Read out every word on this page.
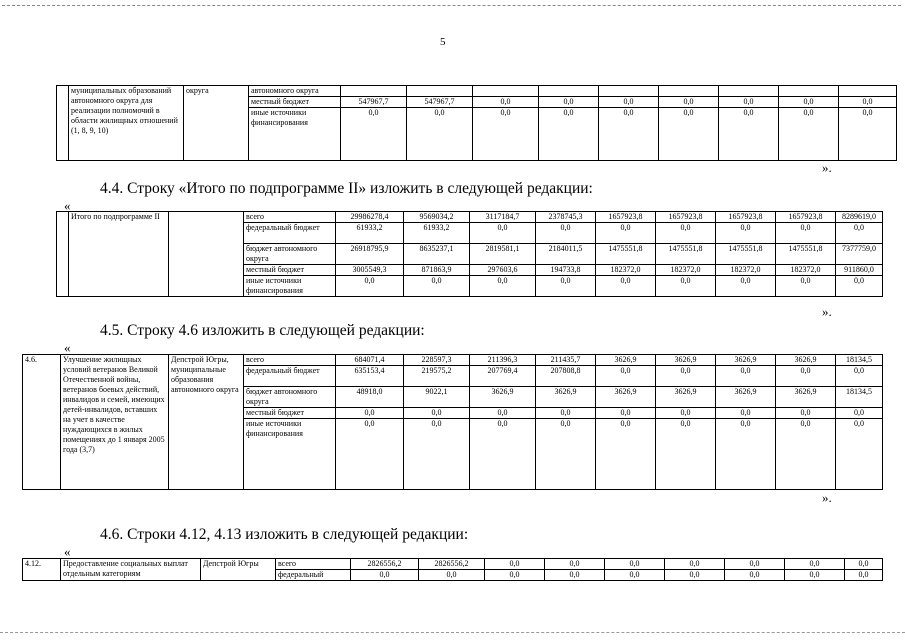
5
	муниципальных образований автономного округа для реализации полномочий в области жилищных отношений (1, 8, 9, 10)	округа	автономного округа									
			местный бюджет	547967,7	547967,7	0,0	0,0	0,0	0,0	0,0	0,0	0,0
			иные источники финансирования	0,0	0,0	0,0	0,0	0,0	0,0	0,0	0,0	0,0
».
4.4. Строку «Итого по подпрограмме II» изложить в следующей редакции:
«
	Итого по подпрограмме II		всего	29986278,4	9569034,2	3117184,7	2378745,3	1657923,8	1657923,8	1657923,8	1657923,8	8289619,0
			федеральный бюджет	61933,2	61933,2	0,0	0,0	0,0	0,0	0,0	0,0	0,0
			бюджет автономного округа	26918795,9	8635237,1	2819581,1	2184011,5	1475551,8	1475551,8	1475551,8	1475551,8	7377759,0
			местный бюджет	3005549,3	871863,9	297603,6	194733,8	182372,0	182372,0	182372,0	182372,0	911860,0
			иные источники финансирования	0,0	0,0	0,0	0,0	0,0	0,0	0,0	0,0	0,0
».
4.5. Строку 4.6 изложить в следующей редакции:
«
4.6.	Улучшение жилищных условий ветеранов Великой Отечественной войны, ветеранов боевых действий, инвалидов и семей, имеющих детей-инвалидов, вставших на учет в качестве нуждающихся в жилых помещениях до 1 января 2005 года (3,7)	Депстрой Югры, муниципальные образования автономного округа	всего	684071,4	228597,3	211396,3	211435,7	3626,9	3626,9	3626,9	3626,9	18134,5
			федеральный бюджет	635153,4	219575,2	207769,4	207808,8	0,0	0,0	0,0	0,0	0,0
			бюджет автономного округа	48918,0	9022,1	3626,9	3626,9	3626,9	3626,9	3626,9	3626,9	18134,5
			местный бюджет	0,0	0,0	0,0	0,0	0,0	0,0	0,0	0,0	0,0
			иные источники финансирования	0,0	0,0	0,0	0,0	0,0	0,0	0,0	0,0	0,0
».
4.6. Строки 4.12, 4.13 изложить в следующей редакции:
«
4.12.	Предоставление социальных выплат отдельным категориям	Депстрой Югры	всего	2826556,2	2826556,2	0,0	0,0	0,0	0,0	0,0	0,0	0,0
			федеральный	0,0	0,0	0,0	0,0	0,0	0,0	0,0	0,0	0,0
